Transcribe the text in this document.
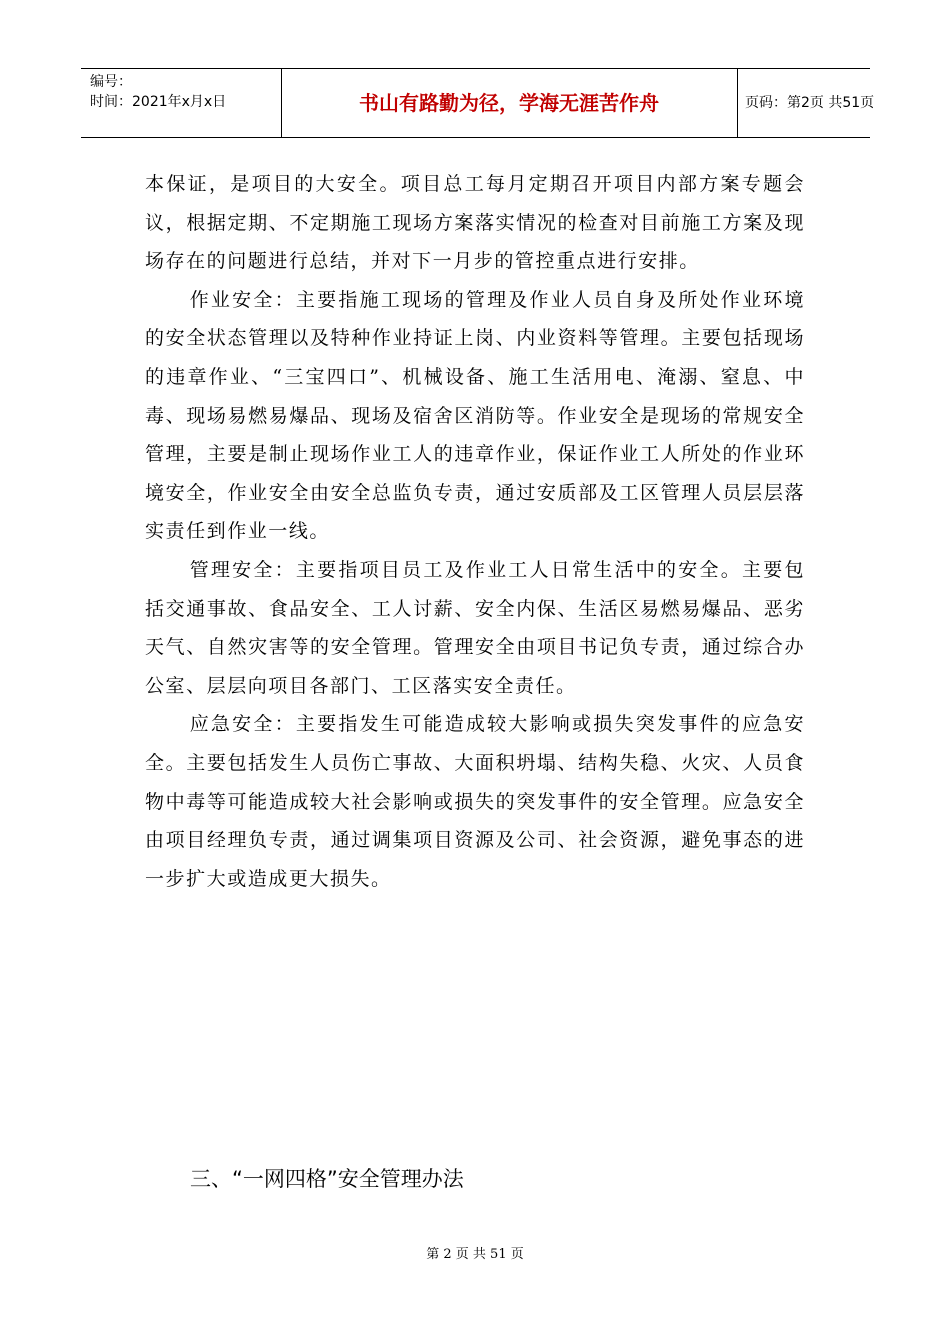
编号：
时间：2021年x月x日	书山有路勤为径，学海无涯苦作舟	页码：第2页 共51页

本保证，是项目的大安全。项目总工每月定期召开项目内部方案专题会议，根据定期、不定期施工现场方案落实情况的检查对目前施工方案及现场存在的问题进行总结，并对下一月步的管控重点进行安排。

作业安全：主要指施工现场的管理及作业人员自身及所处作业环境的安全状态管理以及特种作业持证上岗、内业资料等管理。主要包括现场的违章作业、“三宝四口”、机械设备、施工生活用电、淹溺、窒息、中毒、现场易燃易爆品、现场及宿舍区消防等。作业安全是现场的常规安全管理，主要是制止现场作业工人的违章作业，保证作业工人所处的作业环境安全，作业安全由安全总监负专责，通过安质部及工区管理人员层层落实责任到作业一线。

管理安全：主要指项目员工及作业工人日常生活中的安全。主要包括交通事故、食品安全、工人讨薪、安全内保、生活区易燃易爆品、恶劣天气、自然灾害等的安全管理。管理安全由项目书记负专责，通过综合办公室、层层向项目各部门、工区落实安全责任。

应急安全：主要指发生可能造成较大影响或损失突发事件的应急安全。主要包括发生人员伤亡事故、大面积坍塌、结构失稳、火灾、人员食物中毒等可能造成较大社会影响或损失的突发事件的安全管理。应急安全由项目经理负专责，通过调集项目资源及公司、社会资源，避免事态的进一步扩大或造成更大损失。

三、“一网四格”安全管理办法
第 2 页 共 51 页
